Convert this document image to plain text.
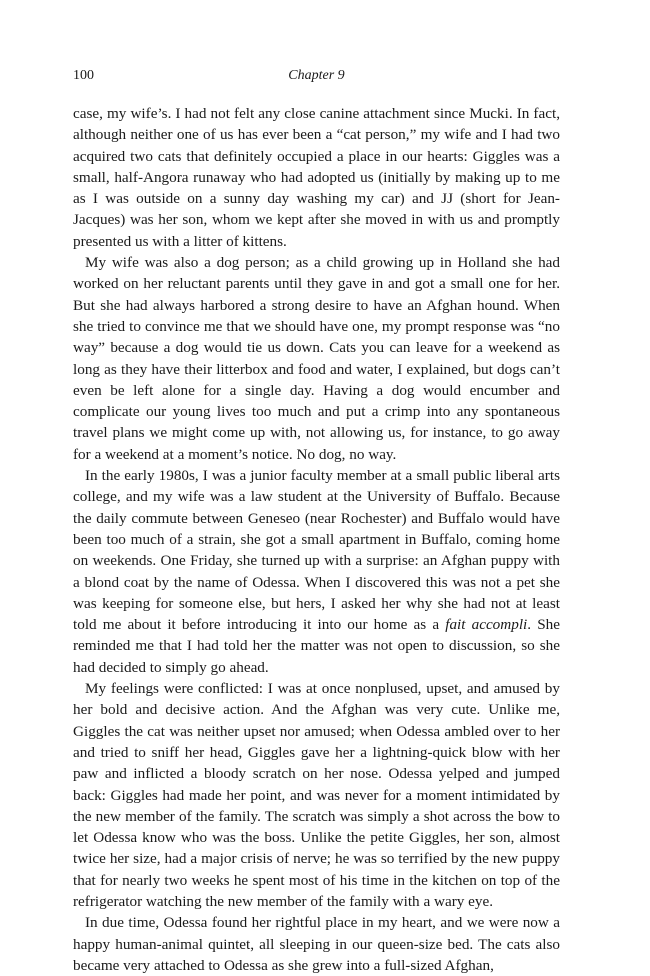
100	Chapter 9

case, my wife’s. I had not felt any close canine attachment since Mucki. In fact, although neither one of us has ever been a “cat person,” my wife and I had two acquired two cats that definitely occupied a place in our hearts: Giggles was a small, half-Angora runaway who had adopted us (initially by making up to me as I was outside on a sunny day washing my car) and JJ (short for Jean-Jacques) was her son, whom we kept after she moved in with us and promptly presented us with a litter of kittens.

My wife was also a dog person; as a child growing up in Holland she had worked on her reluctant parents until they gave in and got a small one for her. But she had always harbored a strong desire to have an Afghan hound. When she tried to convince me that we should have one, my prompt response was “no way” because a dog would tie us down. Cats you can leave for a weekend as long as they have their litterbox and food and water, I explained, but dogs can’t even be left alone for a single day. Having a dog would encumber and complicate our young lives too much and put a crimp into any spontaneous travel plans we might come up with, not allowing us, for instance, to go away for a weekend at a moment’s notice. No dog, no way.

In the early 1980s, I was a junior faculty member at a small public liberal arts college, and my wife was a law student at the University of Buffalo. Because the daily commute between Geneseo (near Rochester) and Buffalo would have been too much of a strain, she got a small apartment in Buffalo, coming home on weekends. One Friday, she turned up with a surprise: an Afghan puppy with a blond coat by the name of Odessa. When I discovered this was not a pet she was keeping for someone else, but hers, I asked her why she had not at least told me about it before introducing it into our home as a fait accompli. She reminded me that I had told her the matter was not open to discussion, so she had decided to simply go ahead.

My feelings were conflicted: I was at once nonplused, upset, and amused by her bold and decisive action. And the Afghan was very cute. Unlike me, Giggles the cat was neither upset nor amused; when Odessa ambled over to her and tried to sniff her head, Giggles gave her a lightning-quick blow with her paw and inflicted a bloody scratch on her nose. Odessa yelped and jumped back: Giggles had made her point, and was never for a moment intimidated by the new member of the family. The scratch was simply a shot across the bow to let Odessa know who was the boss. Unlike the petite Giggles, her son, almost twice her size, had a major crisis of nerve; he was so terrified by the new puppy that for nearly two weeks he spent most of his time in the kitchen on top of the refrigerator watching the new member of the family with a wary eye.

In due time, Odessa found her rightful place in my heart, and we were now a happy human-animal quintet, all sleeping in our queen-size bed. The cats also became very attached to Odessa as she grew into a full-sized Afghan,
